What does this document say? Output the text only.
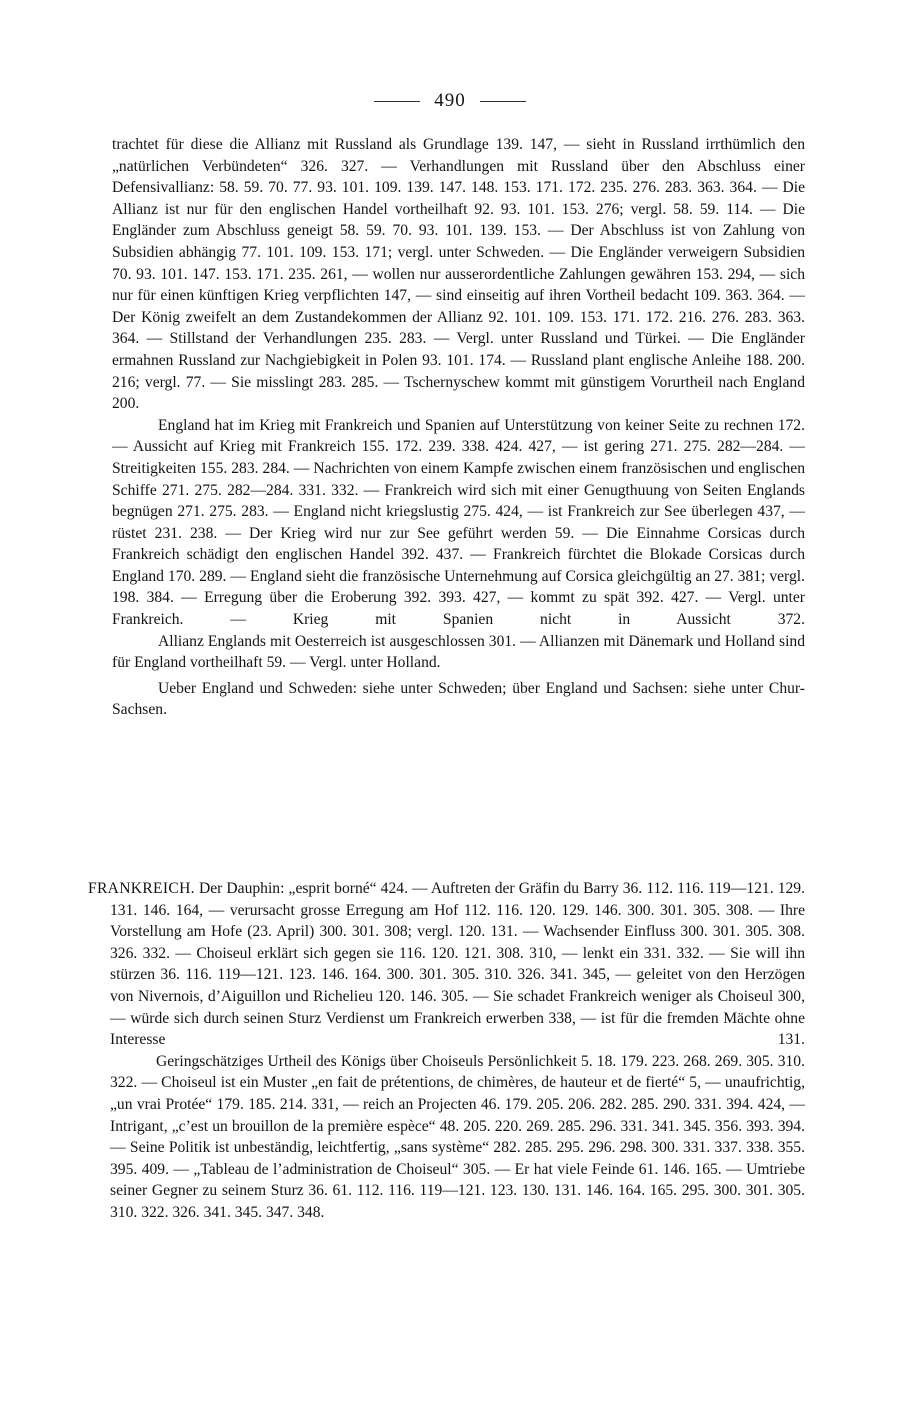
490

trachtet für diese die Allianz mit Russland als Grundlage 139. 147, — sieht in Russland irrthümlich den „natürlichen Verbündeten“ 326. 327. — Verhandlungen mit Russland über den Abschluss einer Defensivallianz: 58. 59. 70. 77. 93. 101. 109. 139. 147. 148. 153. 171. 172. 235. 276. 283. 363. 364. — Die Allianz ist nur für den englischen Handel vortheilhaft 92. 93. 101. 153. 276; vergl. 58. 59. 114. — Die Engländer zum Abschluss geneigt 58. 59. 70. 93. 101. 139. 153. — Der Abschluss ist von Zahlung von Subsidien abhängig 77. 101. 109. 153. 171; vergl. unter Schweden. — Die Engländer verweigern Subsidien 70. 93. 101. 147. 153. 171. 235. 261, — wollen nur ausserordentliche Zahlungen gewähren 153. 294, — sich nur für einen künftigen Krieg verpflichten 147, — sind einseitig auf ihren Vortheil bedacht 109. 363. 364. — Der König zweifelt an dem Zustandekommen der Allianz 92. 101. 109. 153. 171. 172. 216. 276. 283. 363. 364. — Stillstand der Verhandlungen 235. 283. — Vergl. unter Russland und Türkei. — Die Engländer ermahnen Russland zur Nachgiebigkeit in Polen 93. 101. 174. — Russland plant englische Anleihe 188. 200. 216; vergl. 77. — Sie misslingt 283. 285. — Tschernyschew kommt mit günstigem Vorurtheil nach England 200.

England hat im Krieg mit Frankreich und Spanien auf Unterstützung von keiner Seite zu rechnen 172. — Aussicht auf Krieg mit Frankreich 155. 172. 239. 338. 424. 427, — ist gering 271. 275. 282—284. — Streitigkeiten 155. 283. 284. — Nachrichten von einem Kampfe zwischen einem französischen und englischen Schiffe 271. 275. 282—284. 331. 332. — Frankreich wird sich mit einer Genugthuung von Seiten Englands begnügen 271. 275. 283. — England nicht kriegslustig 275. 424, — ist Frankreich zur See überlegen 437, — rüstet 231. 238. — Der Krieg wird nur zur See geführt werden 59. — Die Einnahme Corsicas durch Frankreich schädigt den englischen Handel 392. 437. — Frankreich fürchtet die Blokade Corsicas durch England 170. 289. — England sieht die französische Unternehmung auf Corsica gleichgültig an 27. 381; vergl. 198. 384. — Erregung über die Eroberung 392. 393. 427, — kommt zu spät 392. 427. — Vergl. unter Frankreich. — Krieg mit Spanien nicht in Aussicht 372.

Allianz Englands mit Oesterreich ist ausgeschlossen 301. — Allianzen mit Dänemark und Holland sind für England vortheilhaft 59. — Vergl. unter Holland.

Ueber England und Schweden: siehe unter Schweden; über England und Sachsen: siehe unter Chur-Sachsen.

FRANKREICH. Der Dauphin: „esprit borné“ 424. — Auftreten der Gräfin du Barry 36. 112. 116. 119—121. 129. 131. 146. 164, — verursacht grosse Erregung am Hof 112. 116. 120. 129. 146. 300. 301. 305. 308. — Ihre Vorstellung am Hofe (23. April) 300. 301. 308; vergl. 120. 131. — Wachsender Einfluss 300. 301. 305. 308. 326. 332. — Choiseul erklärt sich gegen sie 116. 120. 121. 308. 310, — lenkt ein 331. 332. — Sie will ihn stürzen 36. 116. 119—121. 123. 146. 164. 300. 301. 305. 310. 326. 341. 345, — geleitet von den Herzögen von Nivernois, d’Aiguillon und Richelieu 120. 146. 305. — Sie schadet Frankreich weniger als Choiseul 300, — würde sich durch seinen Sturz Verdienst um Frankreich erwerben 338, — ist für die fremden Mächte ohne Interesse 131.

Geringschätziges Urtheil des Königs über Choiseuls Persönlichkeit 5. 18. 179. 223. 268. 269. 305. 310. 322. — Choiseul ist ein Muster „en fait de prétentions, de chimères, de hauteur et de fierté“ 5, — unaufrichtig, „un vrai Protée“ 179. 185. 214. 331, — reich an Projecten 46. 179. 205. 206. 282. 285. 290. 331. 394. 424, — Intrigant, „c’est un brouillon de la première espèce“ 48. 205. 220. 269. 285. 296. 331. 341. 345. 356. 393. 394. — Seine Politik ist unbeständig, leichtfertig, „sans système“ 282. 285. 295. 296. 298. 300. 331. 337. 338. 355. 395. 409. — „Tableau de l’administration de Choiseul“ 305. — Er hat viele Feinde 61. 146. 165. — Umtriebe seiner Gegner zu seinem Sturz 36. 61. 112. 116. 119—121. 123. 130. 131. 146. 164. 165. 295. 300. 301. 305. 310. 322. 326. 341. 345. 347. 348.
